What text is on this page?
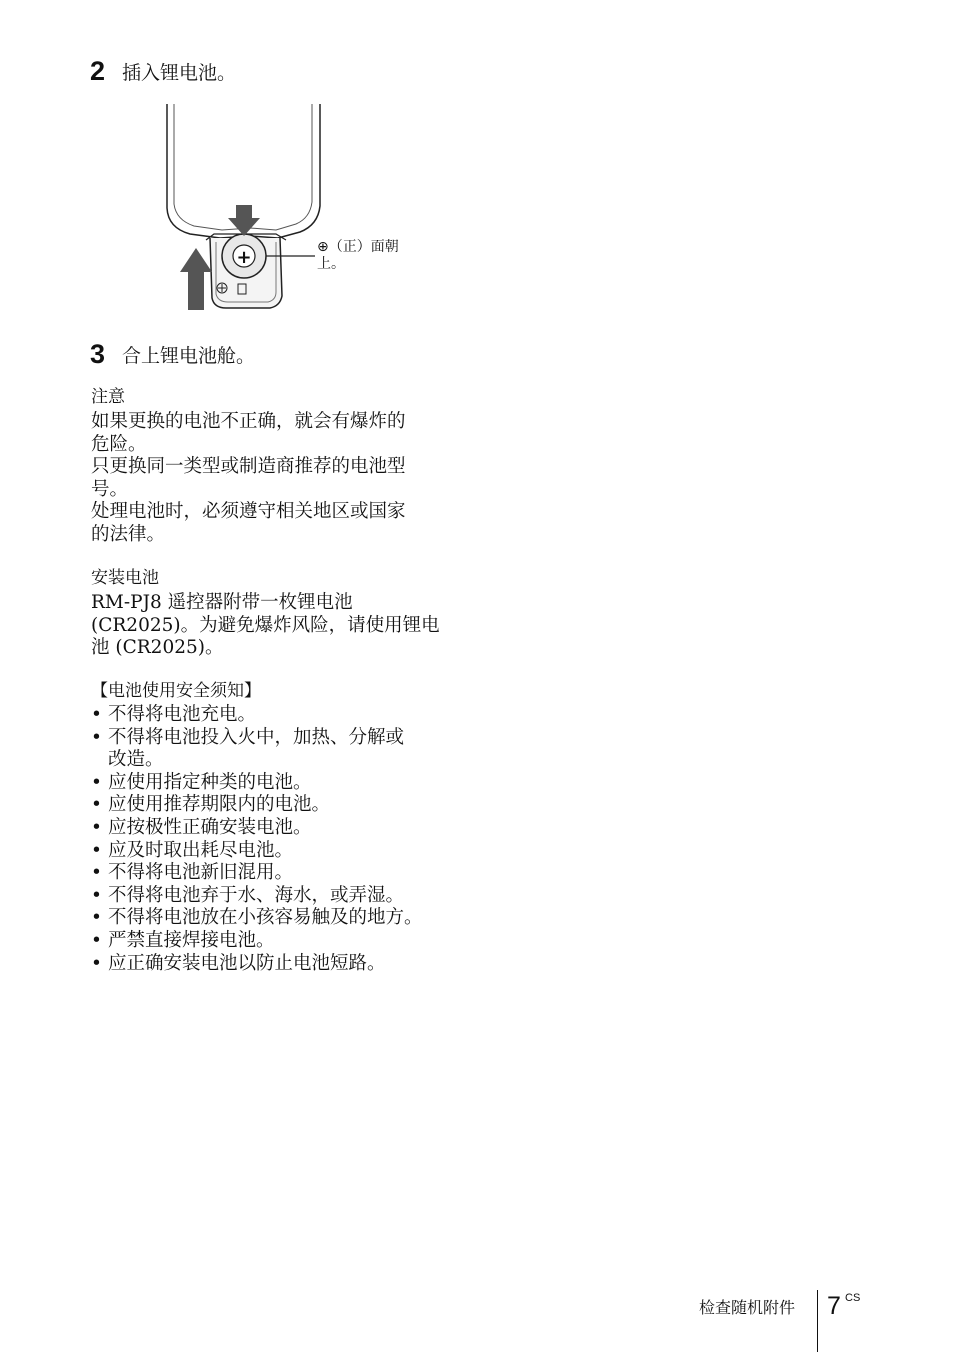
2 插入锂电池。
+	⊕（正）面朝
上。
3 合上锂电池舱。
注意
如果更换的电池不正确，就会有爆炸的
危险。
只更换同一类型或制造商推荐的电池型
号。
处理电池时，必须遵守相关地区或国家
的法律。
安装电池
RM-PJ8 遥控器附带一枚锂电池
(CR2025)。为避免爆炸风险，请使用锂电
池 (CR2025)。
【电池使用安全须知】
• 不得将电池充电。
• 不得将电池投入火中，加热、分解或
改造。
• 应使用指定种类的电池。
• 应使用推荐期限内的电池。
• 应按极性正确安装电池。
• 应及时取出耗尽电池。
• 不得将电池新旧混用。
• 不得将电池弃于水、海水，或弄湿。
• 不得将电池放在小孩容易触及的地方。
• 严禁直接焊接电池。
• 应正确安装电池以防止电池短路。
检查随机附件 7 CS
